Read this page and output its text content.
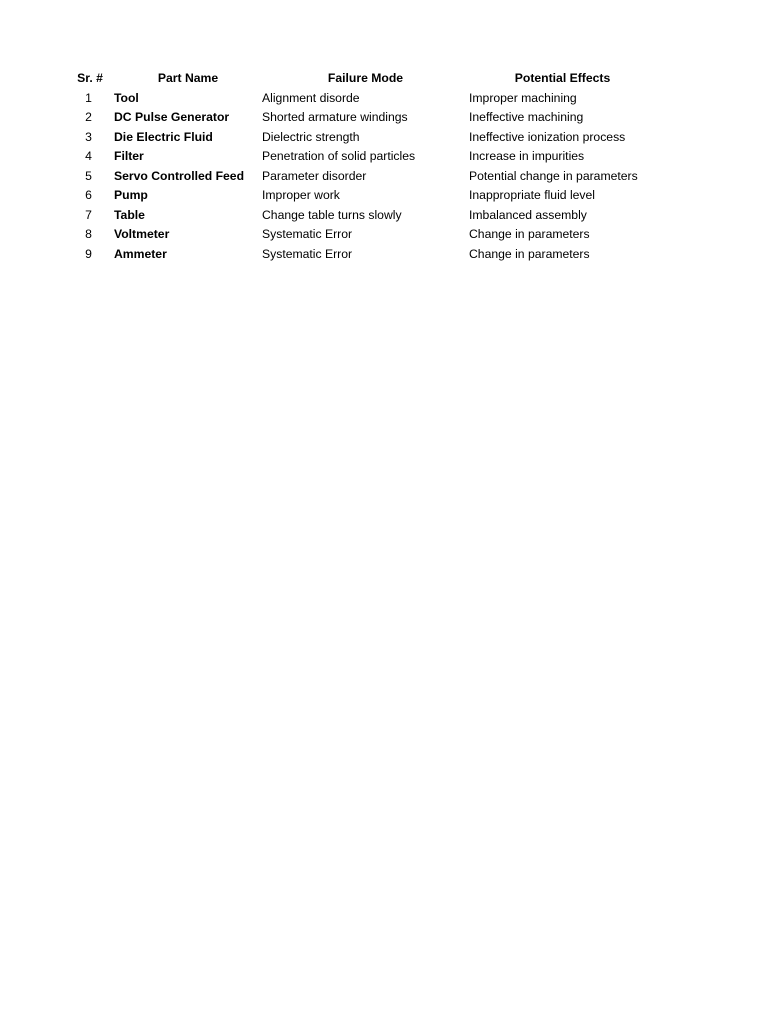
Sr. #	Part Name	Failure Mode	Potential Effects
1	Tool	Alignment disorde	Improper machining
2	DC Pulse Generator	Shorted armature windings	Ineffective machining
3	Die Electric Fluid	Dielectric strength	Ineffective ionization process
4	Filter	Penetration of solid particles	Increase in impurities
5	Servo Controlled Feed	Parameter disorder	Potential change in parameters
6	Pump	Improper work	Inappropriate fluid level
7	Table	Change table turns slowly	Imbalanced assembly
8	Voltmeter	Systematic Error	Change in parameters
9	Ammeter	Systematic Error	Change in parameters
